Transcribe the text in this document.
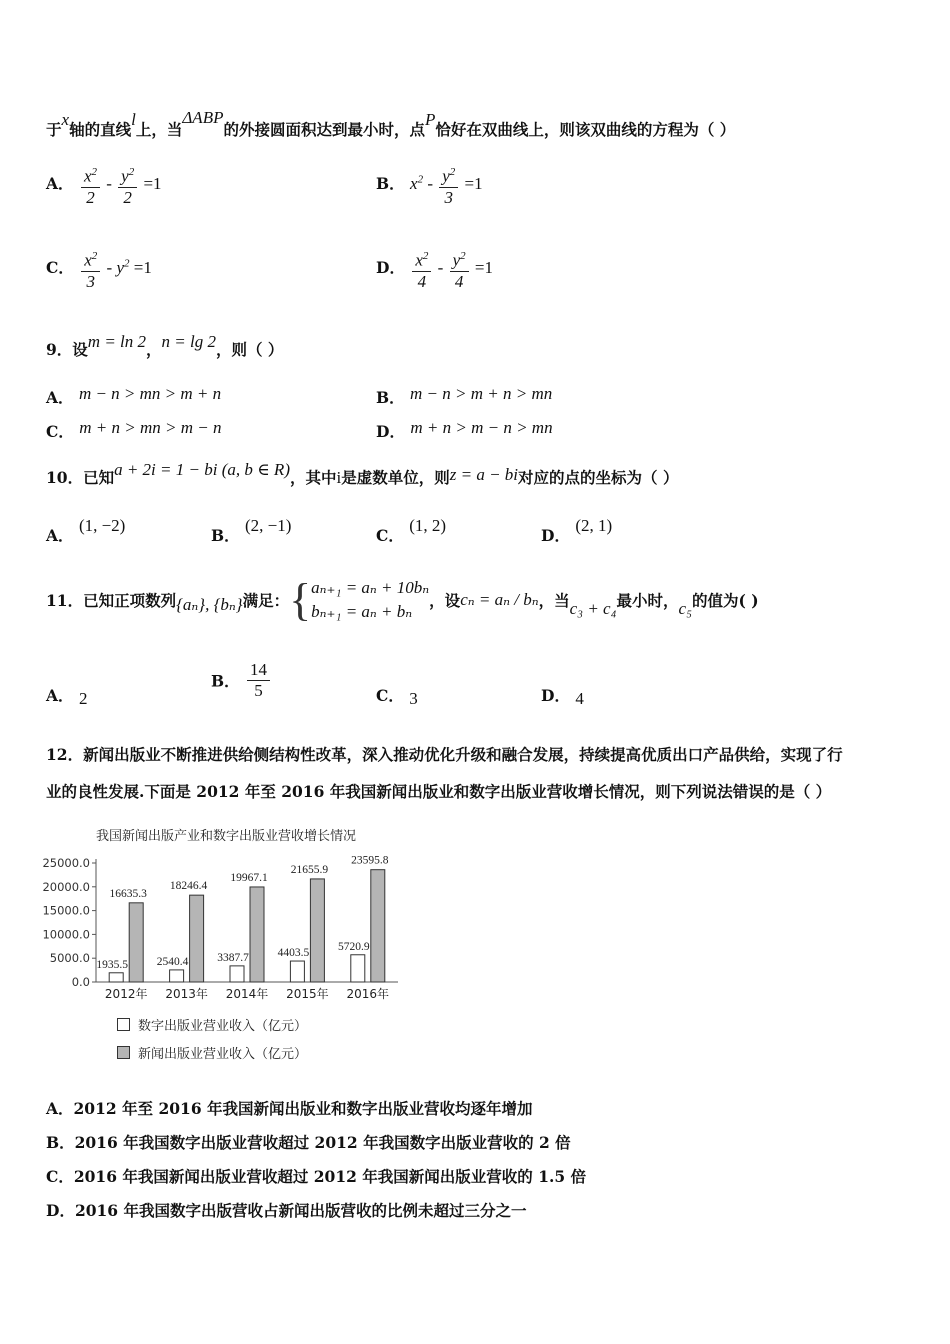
于x轴的直线l上，当ΔABP的外接圆面积达到最小时，点P恰好在双曲线上，则该双曲线的方程为（ ）
A． $\frac{x^2}{2} - \frac{y^2}{2} =1$	B． $x^2 - \frac{y^2}{3} =1$
C． $\frac{x^2}{3} - y^2 =1$	D． $\frac{x^2}{4} - \frac{y^2}{4} =1$
9．设m = ln 2，n = lg 2，则（ ）
A． m − n > mn > m + n	B． m − n > m + n > mn
C． m + n > mn > m − n	D． m + n > m − n > mn
10．已知a + 2i = 1 − bi (a, b ∈ R)，其中i是虚数单位，则z = a − bi对应的点的坐标为（ ）
A． (1, −2)
B． (2, −1)
C． (1, 2)
D． (2, 1)
11．已知正项数列{aₙ}, {bₙ}满足：{ aₙ₊₁ = aₙ + 10bₙ
bₙ₊₁ = aₙ + bₙ
，设cₙ = aₙ / bₙ，当c₃ + c₄最小时，c₅的值为( )
A． 2
B． $\frac{14}{5}$	C． 3	D． 4
12．新闻出版业不断推进供给侧结构性改革，深入推动优化升级和融合发展，持续提高优质出口产品供给，实现了行
业的良性发展.下面是 2012 年至 2016 年我国新闻出版业和数字出版业营收增长情况，则下列说法错误的是（ ）
我国新闻出版产业和数字出版业营收增长情况
25000.0
20000.0
15000.0
10000.0
5000.0
0.0
1935.5
16635.3
2012年
2540.4
18246.4
2013年
3387.7
19967.1
2014年
4403.5
21655.9
2015年
5720.9
23595.8
2016年
数字出版业营业收入（亿元）
新闻出版业营业收入（亿元）
A．2012 年至 2016 年我国新闻出版业和数字出版业营收均逐年增加
B．2016 年我国数字出版业营收超过 2012 年我国数字出版业营收的 2 倍
C．2016 年我国新闻出版业营收超过 2012 年我国新闻出版业营收的 1.5 倍
D．2016 年我国数字出版营收占新闻出版营收的比例未超过三分之一
